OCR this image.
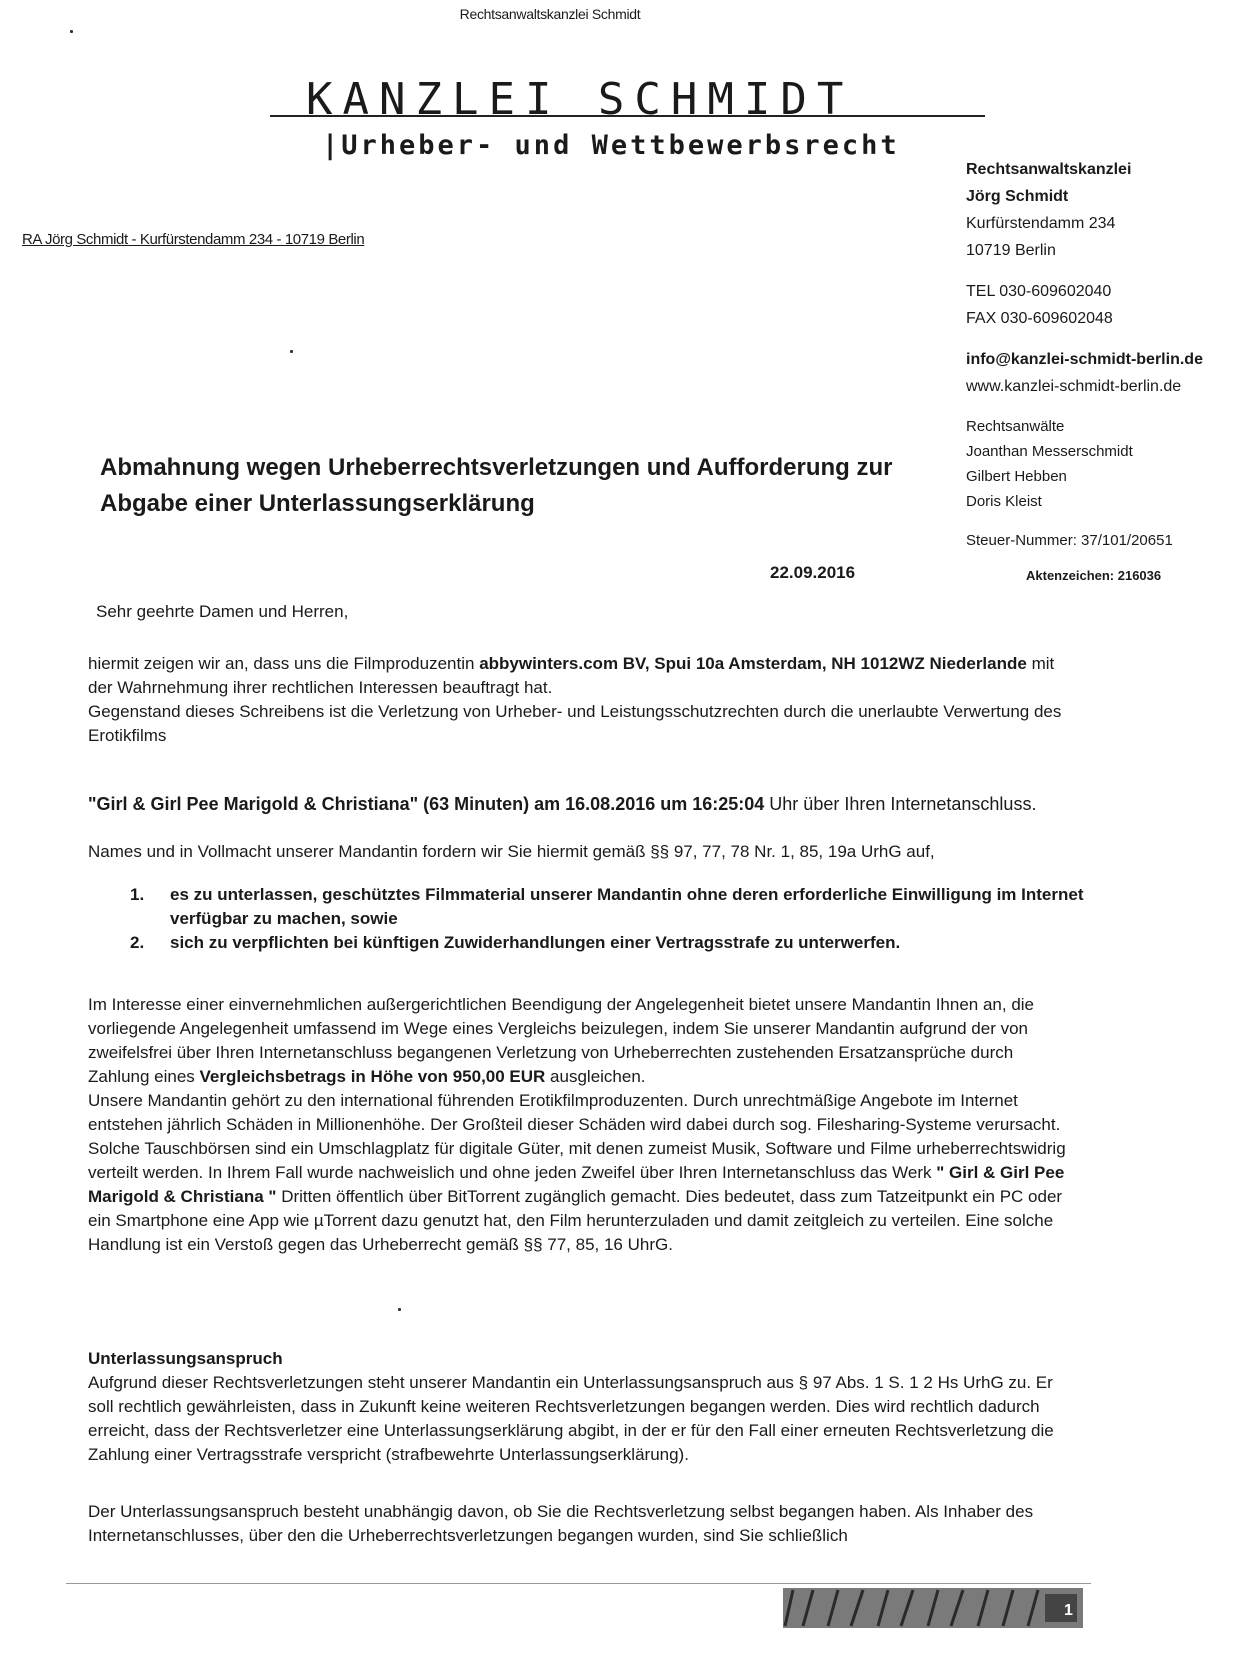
Rechtsanwaltskanzlei Schmidt
KANZLEI SCHMIDT
|Urheber- und Wettbewerbsrecht
RA Jörg Schmidt - Kurfürstendamm 234 - 10719 Berlin
Rechtsanwaltskanzlei
Jörg Schmidt
Kurfürstendamm 234
10719 Berlin
TEL 030-609602040
FAX 030-609602048
info@kanzlei-schmidt-berlin.de
www.kanzlei-schmidt-berlin.de
Rechtsanwälte
Joanthan Messerschmidt
Gilbert Hebben
Doris Kleist
Steuer-Nummer: 37/101/20651
Aktenzeichen: 216036
Abmahnung wegen Urheberrechtsverletzungen und Aufforderung zur Abgabe einer Unterlassungserklärung
22.09.2016
Sehr geehrte Damen und Herren,

hiermit zeigen wir an, dass uns die Filmproduzentin abbywinters.com BV, Spui 10a Amsterdam, NH 1012WZ Niederlande mit der Wahrnehmung ihrer rechtlichen Interessen beauftragt hat.

Gegenstand dieses Schreibens ist die Verletzung von Urheber- und Leistungsschutzrechten durch die unerlaubte Verwertung des Erotikfilms

"Girl & Girl Pee Marigold & Christiana" (63 Minuten) am 16.08.2016 um 16:25:04 Uhr über Ihren Internetanschluss.
Names und in Vollmacht unserer Mandantin fordern wir Sie hiermit gemäß §§ 97, 77, 78 Nr. 1, 85, 19a UrhG auf,
1. es zu unterlassen, geschütztes Filmmaterial unserer Mandantin ohne deren erforderliche Einwilligung im Internet verfügbar zu machen, sowie
2. sich zu verpflichten bei künftigen Zuwiderhandlungen einer Vertragsstrafe zu unterwerfen.

Im Interesse einer einvernehmlichen außergerichtlichen Beendigung der Angelegenheit bietet unsere Mandantin Ihnen an, die vorliegende Angelegenheit umfassend im Wege eines Vergleichs beizulegen, indem Sie unserer Mandantin aufgrund der von zweifelsfrei über Ihren Internetanschluss begangenen Verletzung von Urheberrechten zustehenden Ersatzansprüche durch Zahlung eines Vergleichsbetrags in Höhe von 950,00 EUR ausgleichen.

Unsere Mandantin gehört zu den international führenden Erotikfilmproduzenten. Durch unrechtmäßige Angebote im Internet entstehen jährlich Schäden in Millionenhöhe. Der Großteil dieser Schäden wird dabei durch sog. Filesharing-Systeme verursacht. Solche Tauschbörsen sind ein Umschlagplatz für digitale Güter, mit denen zumeist Musik, Software und Filme urheberrechtswidrig verteilt werden. In Ihrem Fall wurde nachweislich und ohne jeden Zweifel über Ihren Internetanschluss das Werk " Girl & Girl Pee Marigold & Christiana " Dritten öffentlich über BitTorrent zugänglich gemacht. Dies bedeutet, dass zum Tatzeitpunkt ein PC oder ein Smartphone eine App wie µTorrent dazu genutzt hat, den Film herunterzuladen und damit zeitgleich zu verteilen. Eine solche Handlung ist ein Verstoß gegen das Urheberrecht gemäß §§ 77, 85, 16 UhrG.

Unterlassungsanspruch

Aufgrund dieser Rechtsverletzungen steht unserer Mandantin ein Unterlassungsanspruch aus § 97 Abs. 1 S. 1 2 Hs UrhG zu. Er soll rechtlich gewährleisten, dass in Zukunft keine weiteren Rechtsverletzungen begangen werden. Dies wird rechtlich dadurch erreicht, dass der Rechtsverletzer eine Unterlassungserklärung abgibt, in der er für den Fall einer erneuten Rechtsverletzung die Zahlung einer Vertragsstrafe verspricht (strafbewehrte Unterlassungserklärung).

Der Unterlassungsanspruch besteht unabhängig davon, ob Sie die Rechtsverletzung selbst begangen haben. Als Inhaber des Internetanschlusses, über den die Urheberrechtsverletzungen begangen wurden, sind Sie schließlich
1
